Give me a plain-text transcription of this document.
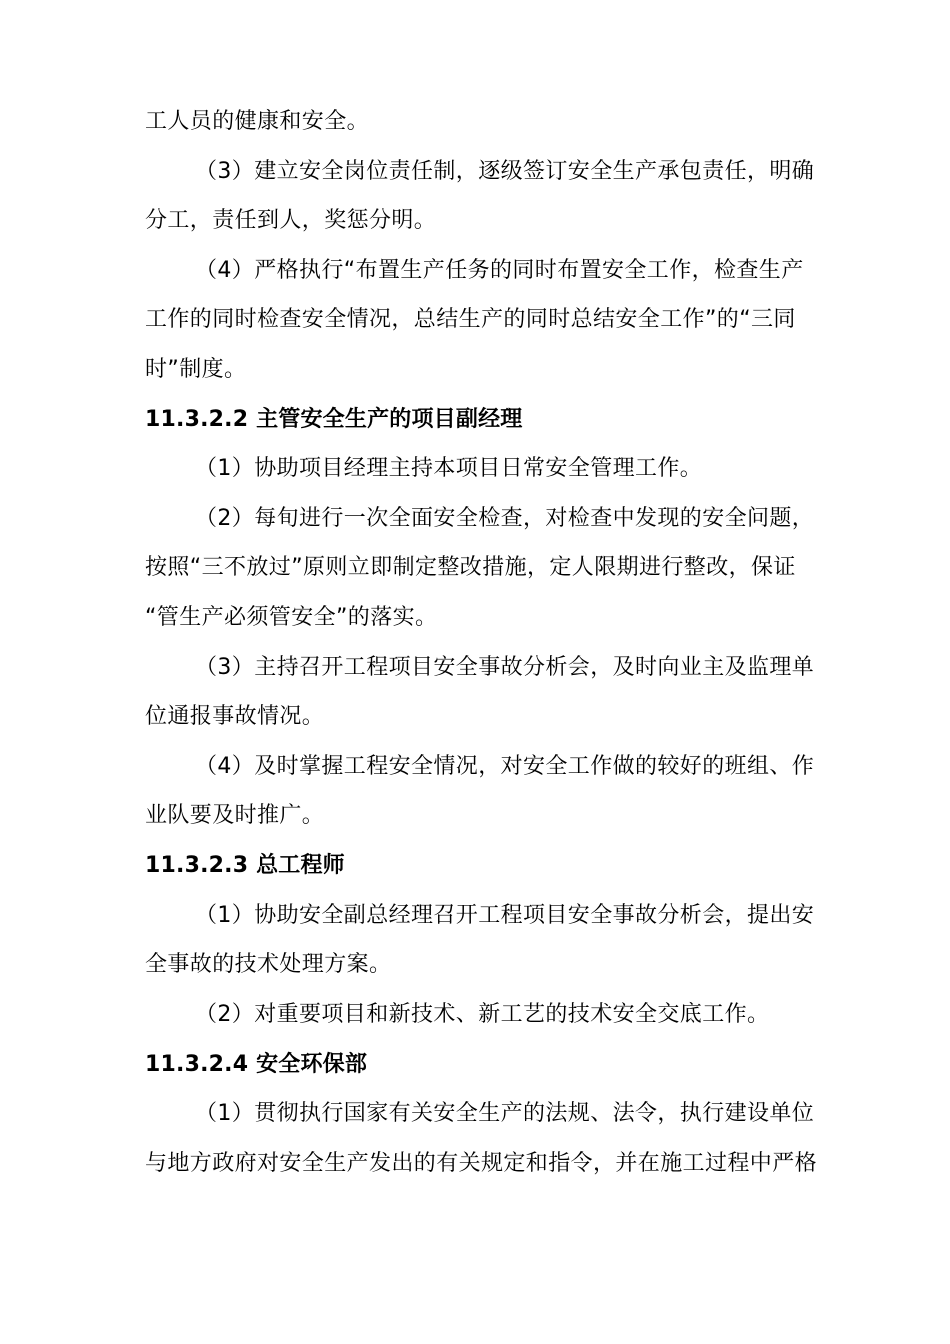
工人员的健康和安全。
（3）建立安全岗位责任制，逐级签订安全生产承包责任，明确
分工，责任到人，奖惩分明。
（4）严格执行“布置生产任务的同时布置安全工作，检查生产
工作的同时检查安全情况，总结生产的同时总结安全工作”的“三同
时”制度。
11.3.2.2 主管安全生产的项目副经理
（1）协助项目经理主持本项目日常安全管理工作。
（2）每旬进行一次全面安全检查，对检查中发现的安全问题，
按照“三不放过”原则立即制定整改措施，定人限期进行整改，保证
“管生产必须管安全”的落实。
（3）主持召开工程项目安全事故分析会，及时向业主及监理单
位通报事故情况。
（4）及时掌握工程安全情况，对安全工作做的较好的班组、作
业队要及时推广。
11.3.2.3 总工程师
（1）协助安全副总经理召开工程项目安全事故分析会，提出安
全事故的技术处理方案。
（2）对重要项目和新技术、新工艺的技术安全交底工作。
11.3.2.4 安全环保部
（1）贯彻执行国家有关安全生产的法规、法令，执行建设单位
与地方政府对安全生产发出的有关规定和指令，并在施工过程中严格
